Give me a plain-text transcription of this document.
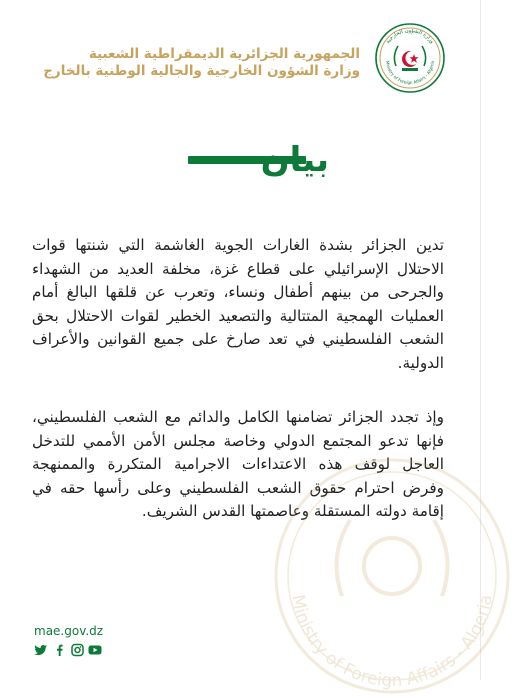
الجمهورية الجزائرية الديمقراطية الشعبية
وزارة الشؤون الخارجية والجالية الوطنية بالخارج
وزارة الشؤون الخارجية
Ministry of Foreign Affairs - Algeria
بيان
تدين الجزائر بشدة الغارات الجوية الغاشمة التي شنتها قوات الاحتلال الإسرائيلي على قطاع غزة، مخلفة العديد من الشهداء والجرحى من بينهم أطفال ونساء، وتعرب عن قلقها البالغ أمام العمليات الهمجية المتتالية والتصعيد الخطير لقوات الاحتلال بحق الشعب الفلسطيني في تعد صارخ على جميع القوانين والأعراف الدولية.
وإذ تجدد الجزائر تضامنها الكامل والدائم مع الشعب الفلسطيني، فإنها تدعو المجتمع الدولي وخاصة مجلس الأمن الأممي للتدخل العاجل لوقف هذه الاعتداءات الاجرامية المتكررة والممنهجة وفرض احترام حقوق الشعب الفلسطيني وعلى رأسها حقه في إقامة دولته المستقلة وعاصمتها القدس الشريف.
Ministry of Foreign Affairs - Algeria
mae.gov.dz
